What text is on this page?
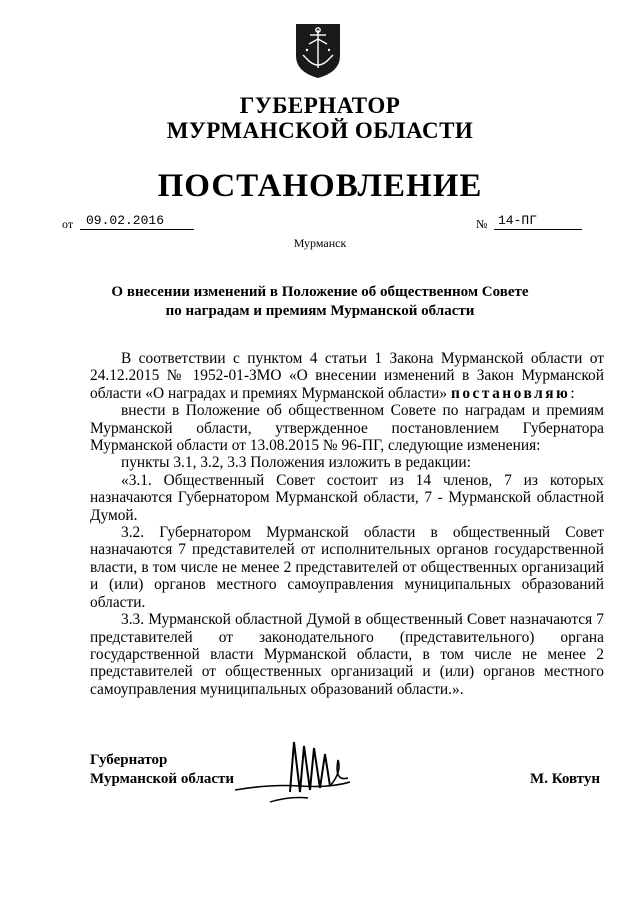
ГУБЕРНАТОР
МУРМАНСКОЙ ОБЛАСТИ
ПОСТАНОВЛЕНИЕ
от 09.02.2016	№ 14-ПГ
Мурманск
О внесении изменений в Положение об общественном Совете
по наградам и премиям Мурманской области

В соответствии с пунктом 4 статьи 1 Закона Мурманской области от 24.12.2015 № 1952-01-ЗМО «О внесении изменений в Закон Мурманской области «О наградах и премиях Мурманской области» постановляю:

внести в Положение об общественном Совете по наградам и премиям Мурманской области, утвержденное постановлением Губернатора Мурманской области от 13.08.2015 № 96-ПГ, следующие изменения:

пункты 3.1, 3.2, 3.3 Положения изложить в редакции:

«3.1. Общественный Совет состоит из 14 членов, 7 из которых назначаются Губернатором Мурманской области, 7 - Мурманской областной Думой.

3.2. Губернатором Мурманской области в общественный Совет назначаются 7 представителей от исполнительных органов государственной власти, в том числе не менее 2 представителей от общественных организаций и (или) органов местного самоуправления муниципальных образований области.

3.3. Мурманской областной Думой в общественный Совет назначаются 7 представителей от законодательного (представительного) органа государственной власти Мурманской области, в том числе не менее 2 представителей от общественных организаций и (или) органов местного самоуправления муниципальных образований области.».

Губернатор
Мурманской области	М. Ковтун
